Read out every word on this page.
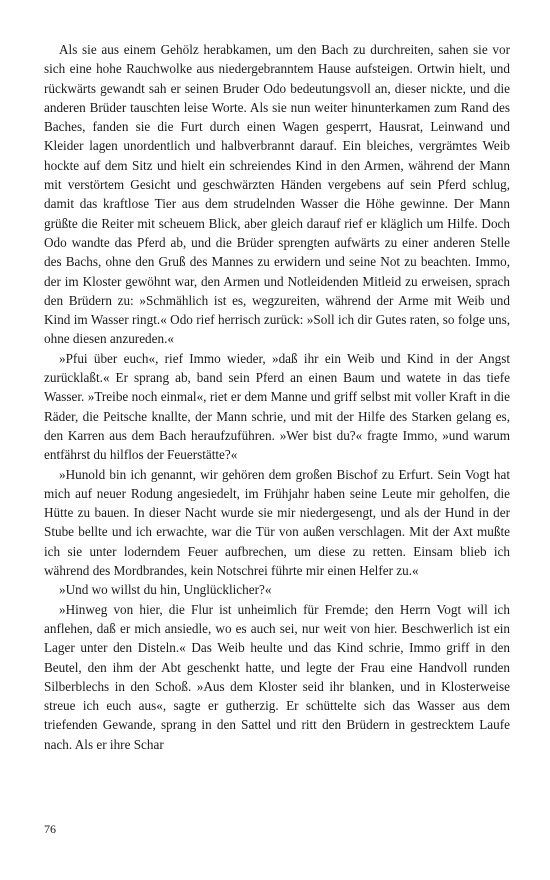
Als sie aus einem Gehölz herabkamen, um den Bach zu durchreiten, sahen sie vor sich eine hohe Rauchwolke aus niedergebranntem Hause aufsteigen. Ortwin hielt, und rückwärts gewandt sah er seinen Bruder Odo bedeutungsvoll an, dieser nickte, und die anderen Brüder tauschten leise Worte. Als sie nun weiter hinunterkamen zum Rand des Baches, fanden sie die Furt durch einen Wagen gesperrt, Hausrat, Leinwand und Kleider lagen unordentlich und halbverbrannt darauf. Ein bleiches, vergrämtes Weib hockte auf dem Sitz und hielt ein schreiendes Kind in den Armen, während der Mann mit verstörtem Gesicht und geschwärzten Händen vergebens auf sein Pferd schlug, damit das kraftlose Tier aus dem strudelnden Wasser die Höhe gewinne. Der Mann grüßte die Reiter mit scheuem Blick, aber gleich darauf rief er kläglich um Hilfe. Doch Odo wandte das Pferd ab, und die Brüder sprengten aufwärts zu einer anderen Stelle des Bachs, ohne den Gruß des Mannes zu erwidern und seine Not zu beachten. Immo, der im Kloster gewöhnt war, den Armen und Notleidenden Mitleid zu erweisen, sprach den Brüdern zu: »Schmählich ist es, wegzureiten, während der Arme mit Weib und Kind im Wasser ringt.« Odo rief herrisch zurück: »Soll ich dir Gutes raten, so folge uns, ohne diesen anzureden.«

»Pfui über euch«, rief Immo wieder, »daß ihr ein Weib und Kind in der Angst zurücklaßt.« Er sprang ab, band sein Pferd an einen Baum und watete in das tiefe Wasser. »Treibe noch einmal«, riet er dem Manne und griff selbst mit voller Kraft in die Räder, die Peitsche knallte, der Mann schrie, und mit der Hilfe des Starken gelang es, den Karren aus dem Bach heraufzuführen. »Wer bist du?« fragte Immo, »und warum entfährst du hilflos der Feuerstätte?«

»Hunold bin ich genannt, wir gehören dem großen Bischof zu Erfurt. Sein Vogt hat mich auf neuer Rodung angesiedelt, im Frühjahr haben seine Leute mir geholfen, die Hütte zu bauen. In dieser Nacht wurde sie mir niedergesengt, und als der Hund in der Stube bellte und ich erwachte, war die Tür von außen verschlagen. Mit der Axt mußte ich sie unter loderndem Feuer aufbrechen, um diese zu retten. Einsam blieb ich während des Mordbrandes, kein Notschrei führte mir einen Helfer zu.«

»Und wo willst du hin, Unglücklicher?«

»Hinweg von hier, die Flur ist unheimlich für Fremde; den Herrn Vogt will ich anflehen, daß er mich ansiedle, wo es auch sei, nur weit von hier. Beschwerlich ist ein Lager unter den Disteln.« Das Weib heulte und das Kind schrie, Immo griff in den Beutel, den ihm der Abt geschenkt hatte, und legte der Frau eine Handvoll runden Silberblechs in den Schoß. »Aus dem Kloster seid ihr blanken, und in Klosterweise streue ich euch aus«, sagte er gutherzig. Er schüttelte sich das Wasser aus dem triefenden Gewande, sprang in den Sattel und ritt den Brüdern in gestrecktem Laufe nach. Als er ihre Schar

76
